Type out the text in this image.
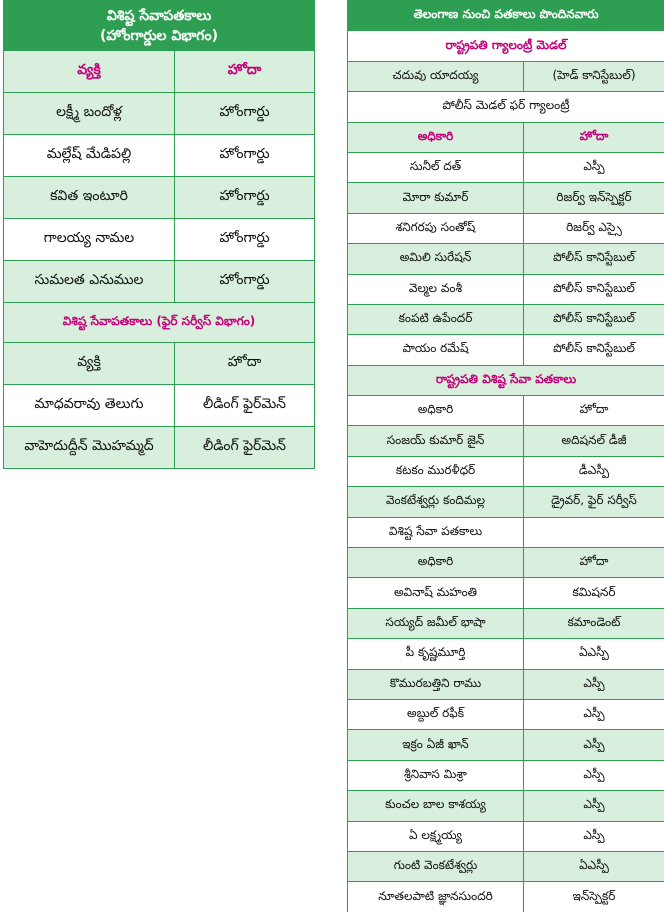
విశిష్ట సేవాపతకాలు
(హోంగార్డుల విభాగం)	

వ్యక్తి	హోదా
లక్ష్మీ బందోళ్ల	హోంగార్డు
మల్లేష్ మేడిపల్లి	హోంగార్డు
కవిత ఇంటూరి	హోంగార్డు
గాలయ్య నామల	హోంగార్డు
సుమలత ఎనుముల	హోంగార్డు
విశిష్ట సేవాపతకాలు (ఫైర్ సర్వీస్ విభాగం)	
వ్యక్తి	హోదా
మాధవరావు తెలుగు	లీడింగ్ ఫైర్‌మెన్
వాహెదుద్దీన్ మొహమ్మద్	లీడింగ్ ఫైర్‌మెన్
తెలంగాణ నుంచి పతకాలు పొందినవారు	
రాష్ట్రపతి గ్యాలంట్రీ మెడల్	
చదువు యాదయ్య	(హెడ్ కానిస్టేబుల్)
పోలీస్ మెడల్ ఫర్ గ్యాలంట్రీ	
అధికారి	హోదా
సునీల్ దత్	ఎస్పీ
మోరా కుమార్	రిజర్వ్ ఇన్‌స్పెక్టర్
శనిగరపు సంతోష్	రిజర్వ్ ఎస్సై
అమిలి సురేషన్	పోలీస్ కానిస్టేబుల్
వెల్మల వంశీ	పోలీస్ కానిస్టేబుల్
కంపటి ఉపేందర్	పోలీస్ కానిస్టేబుల్
పాయం రమేష్	పోలీస్ కానిస్టేబుల్
రాష్ట్రపతి విశిష్ట సేవా పతకాలు	
అధికారి	హోదా
సంజయ్ కుమార్ జైన్	అదిషనల్ డీజీ
కటకం మురళీధర్	డీఎస్పీ
వెంకటేశ్వర్లు కందిమల్ల	డ్రైవర్, ఫైర్ సర్వీస్
విశిష్ట సేవా పతకాలు	
అధికారి	హోదా
అవినాష్ మహంతి	కమిషనర్
సయ్యద్ జమీల్ భాషా	కమాండెంట్
పీ కృష్ణమూర్తి	ఏఎస్పీ
కొమురబత్తిని రాము	ఎస్పీ
అబ్దుల్ రఫీక్	ఎస్పీ
ఇక్రం ఏజీ ఖాన్	ఎస్పీ
శ్రీనివాస మిశ్రా	ఎస్పీ
కుంచల బాల కాశయ్య	ఎస్పీ
ఏ లక్ష్మయ్య	ఎస్పీ
గుంటి వెంకటేశ్వర్లు	ఏఎస్పీ
నూతలపాటి జ్ఞానసుందరి	ఇన్‌స్పెక్టర్
